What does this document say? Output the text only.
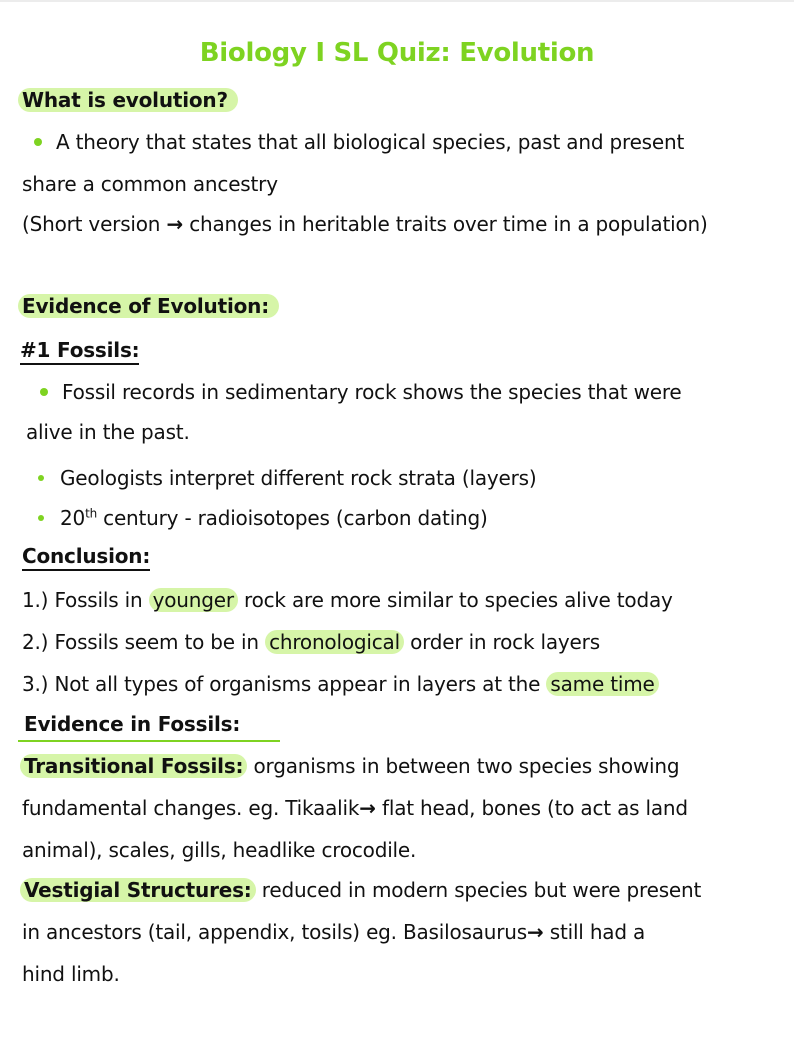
Biology I SL Quiz: Evolution
What is evolution?
A theory that states that all biological species, past and present
share a common ancestry
(Short version → changes in heritable traits over time in a population)
Evidence of Evolution:
#1 Fossils:
Fossil records in sedimentary rock shows the species that were
alive in the past.
Geologists interpret different rock strata (layers)
20th century - radioisotopes (carbon dating)
Conclusion:
1.) Fossils in younger rock are more similar to species alive today
2.) Fossils seem to be in chronological order in rock layers
3.) Not all types of organisms appear in layers at the same time
Evidence in Fossils:
Transitional Fossils: organisms in between two species showing
fundamental changes. eg. Tikaalik→ flat head, bones (to act as land
animal), scales, gills, headlike crocodile.
Vestigial Structures: reduced in modern species but were present
in ancestors (tail, appendix, tosils) eg. Basilosaurus→ still had a
hind limb.
